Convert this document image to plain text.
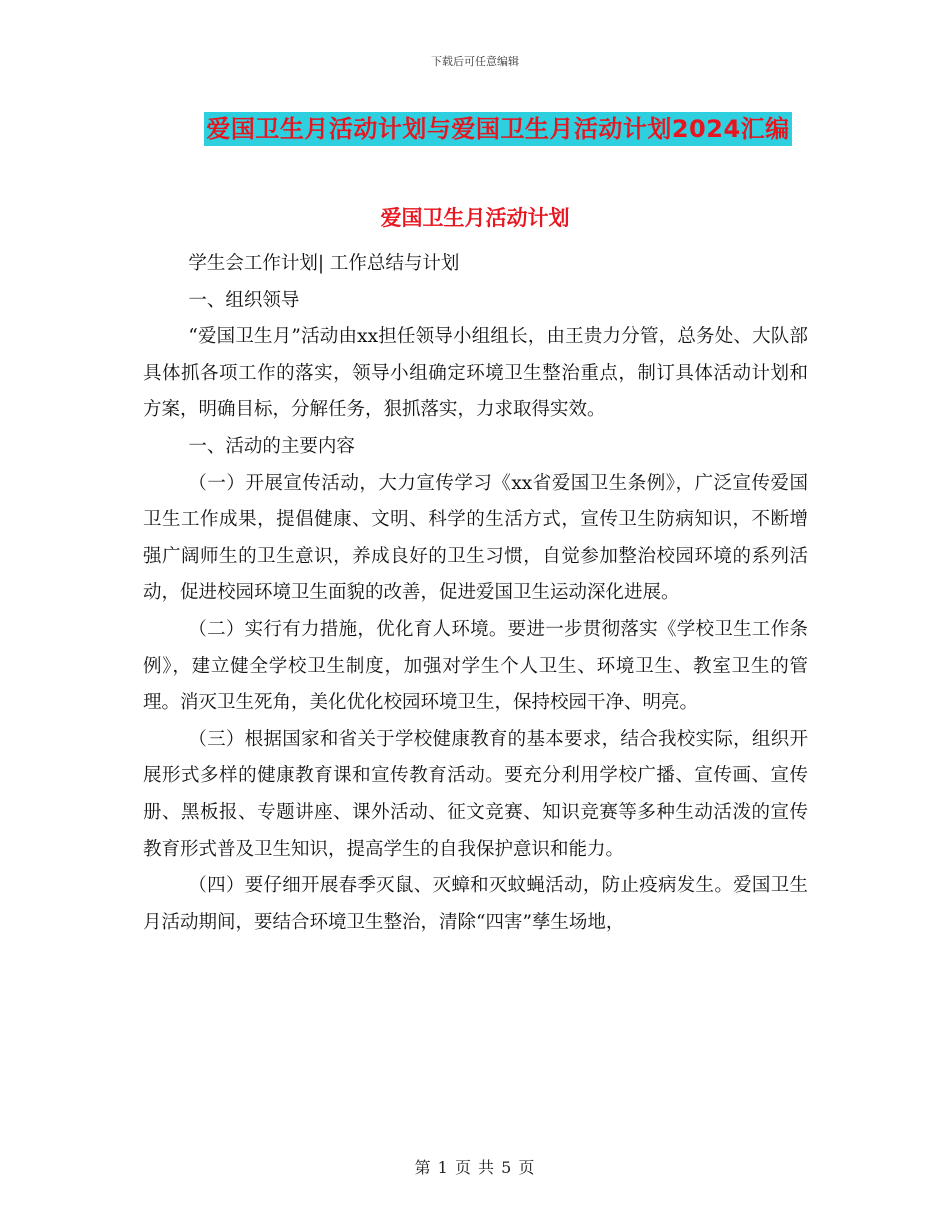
下载后可任意编辑
爱国卫生月活动计划与爱国卫生月活动计划2024汇编
爱国卫生月活动计划

学生会工作计划| 工作总结与计划

一、组织领导

“爱国卫生月”活动由xx担任领导小组组长，由王贵力分管，总务处、大队部具体抓各项工作的落实，领导小组确定环境卫生整治重点，制订具体活动计划和方案，明确目标，分解任务，狠抓落实，力求取得实效。

一、活动的主要内容

（一）开展宣传活动，大力宣传学习《xx省爱国卫生条例》，广泛宣传爱国卫生工作成果，提倡健康、文明、科学的生活方式，宣传卫生防病知识，不断增强广阔师生的卫生意识，养成良好的卫生习惯，自觉参加整治校园环境的系列活动，促进校园环境卫生面貌的改善，促进爱国卫生运动深化进展。

（二）实行有力措施，优化育人环境。要进一步贯彻落实《学校卫生工作条例》，建立健全学校卫生制度，加强对学生个人卫生、环境卫生、教室卫生的管理。消灭卫生死角，美化优化校园环境卫生，保持校园干净、明亮。

（三）根据国家和省关于学校健康教育的基本要求，结合我校实际，组织开展形式多样的健康教育课和宣传教育活动。要充分利用学校广播、宣传画、宣传册、黑板报、专题讲座、课外活动、征文竞赛、知识竞赛等多种生动活泼的宣传教育形式普及卫生知识，提高学生的自我保护意识和能力。

（四）要仔细开展春季灭鼠、灭蟑和灭蚊蝇活动，防止疫病发生。爱国卫生月活动期间，要结合环境卫生整治，清除“四害”孳生场地，

第 1 页 共 5 页
